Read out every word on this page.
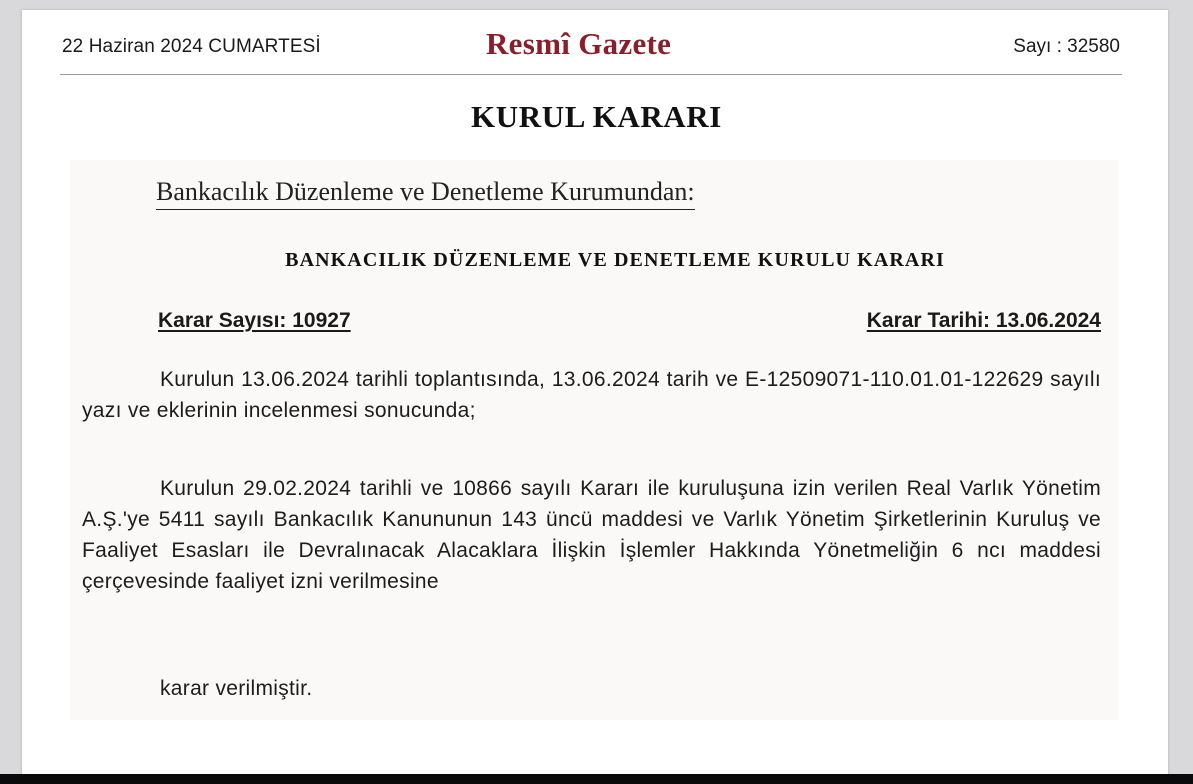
22 Haziran 2024 CUMARTESİ	Resmî Gazete	Sayı : 32580
KURUL KARARI
Bankacılık Düzenleme ve Denetleme Kurumundan:
BANKACILIK DÜZENLEME VE DENETLEME KURULU KARARI
Karar Sayısı: 10927	Karar Tarihi: 13.06.2024
Kurulun 13.06.2024 tarihli toplantısında, 13.06.2024 tarih ve E-12509071-110.01.01-122629 sayılı yazı ve eklerinin incelenmesi sonucunda;
Kurulun 29.02.2024 tarihli ve 10866 sayılı Kararı ile kuruluşuna izin verilen Real Varlık Yönetim A.Ş.'ye 5411 sayılı Bankacılık Kanununun 143 üncü maddesi ve Varlık Yönetim Şirketlerinin Kuruluş ve Faaliyet Esasları ile Devralınacak Alacaklara İlişkin İşlemler Hakkında Yönetmeliğin 6 ncı maddesi çerçevesinde faaliyet izni verilmesine
karar verilmiştir.
